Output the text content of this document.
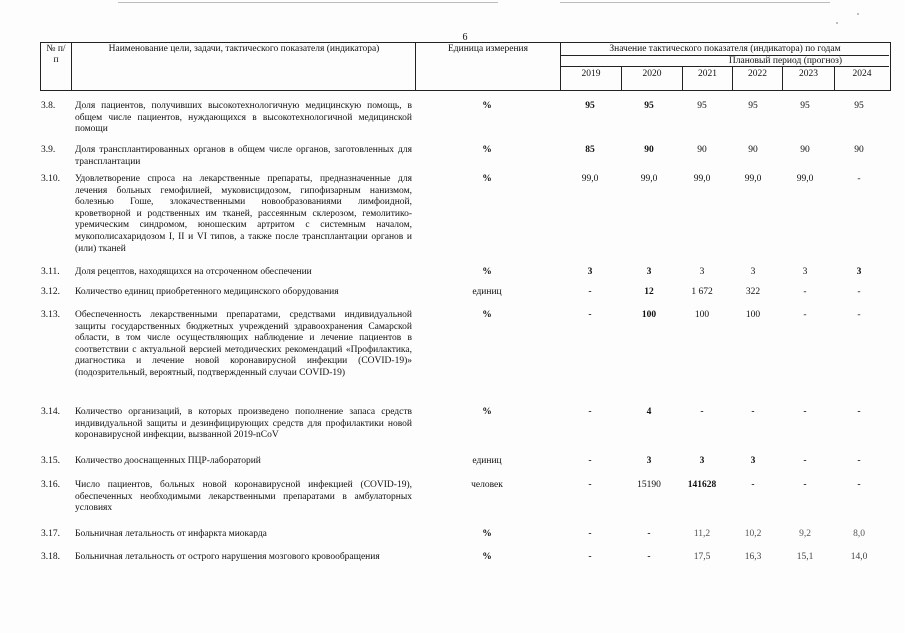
6
№ п/п
Наименование цели, задачи, тактического показателя (индикатора)	Единица измерения	Значение тактического показателя (индикатора) по годам
Плановый период (прогноз)
2019	2020	2021	2022	2023	2024
3.8. Доля пациентов, получивших высокотехнологичную медицинскую помощь, в общем числе пациентов, нуждающихся в высокотехнологичной медицинской помощи
%	95	95	95	95	95	95
3.9. Доля трансплантированных органов в общем числе органов, заготовленных для трансплантации
%	85	90	90	90	90	90
3.10. Удовлетворение спроса на лекарственные препараты, предназначенные для лечения больных гемофилией, муковисцидозом, гипофизарным нанизмом, болезнью Гоше, злокачественными новообразованиями лимфоидной, кроветворной и родственных им тканей, рассеянным склерозом, гемолитико-уремическим синдромом, юношеским артритом с системным началом, мукополисахаридозом I, II и VI типов, а также после трансплантации органов и (или) тканей
%	99,0	99,0	99,0	99,0	99,0	-
3.11. Доля рецептов, находящихся на отсроченном обеспечении	%	3	3	3	3	3	3
3.12. Количество единиц приобретенного медицинского оборудования	единиц	-	12	1 672	322	-	-
3.13. Обеспеченность лекарственными препаратами, средствами индивидуальной защиты государственных бюджетных учреждений здравоохранения Самарской области, в том числе осуществляющих наблюдение и лечение пациентов в соответствии с актуальной версией методических рекомендаций «Профилактика, диагностика и лечение новой коронавирусной инфекции (COVID-19)» (подозрительный, вероятный, подтвержденный случаи COVID-19)
%	-	100	100	100	-	-
3.14. Количество организаций, в которых произведено пополнение запаса средств индивидуальной защиты и дезинфицирующих средств для профилактики новой коронавирусной инфекции, вызванной 2019-nCoV
%	-	4	-	-	-	-
3.15. Количество дооснащенных ПЦР-лабораторий	единиц	-	3	3	3	-	-
3.16. Число пациентов, больных новой коронавирусной инфекцией (COVID-19), обеспеченных необходимыми лекарственными препаратами в амбулаторных условиях
человек	-	15190	141628	-	-	-
3.17. Больничная летальность от инфаркта миокарда	%	-	-	11,2	10,2	9,2	8,0
3.18. Больничная летальность от острого нарушения мозгового кровообращения	%	-	-	17,5	16,3	15,1	14,0
